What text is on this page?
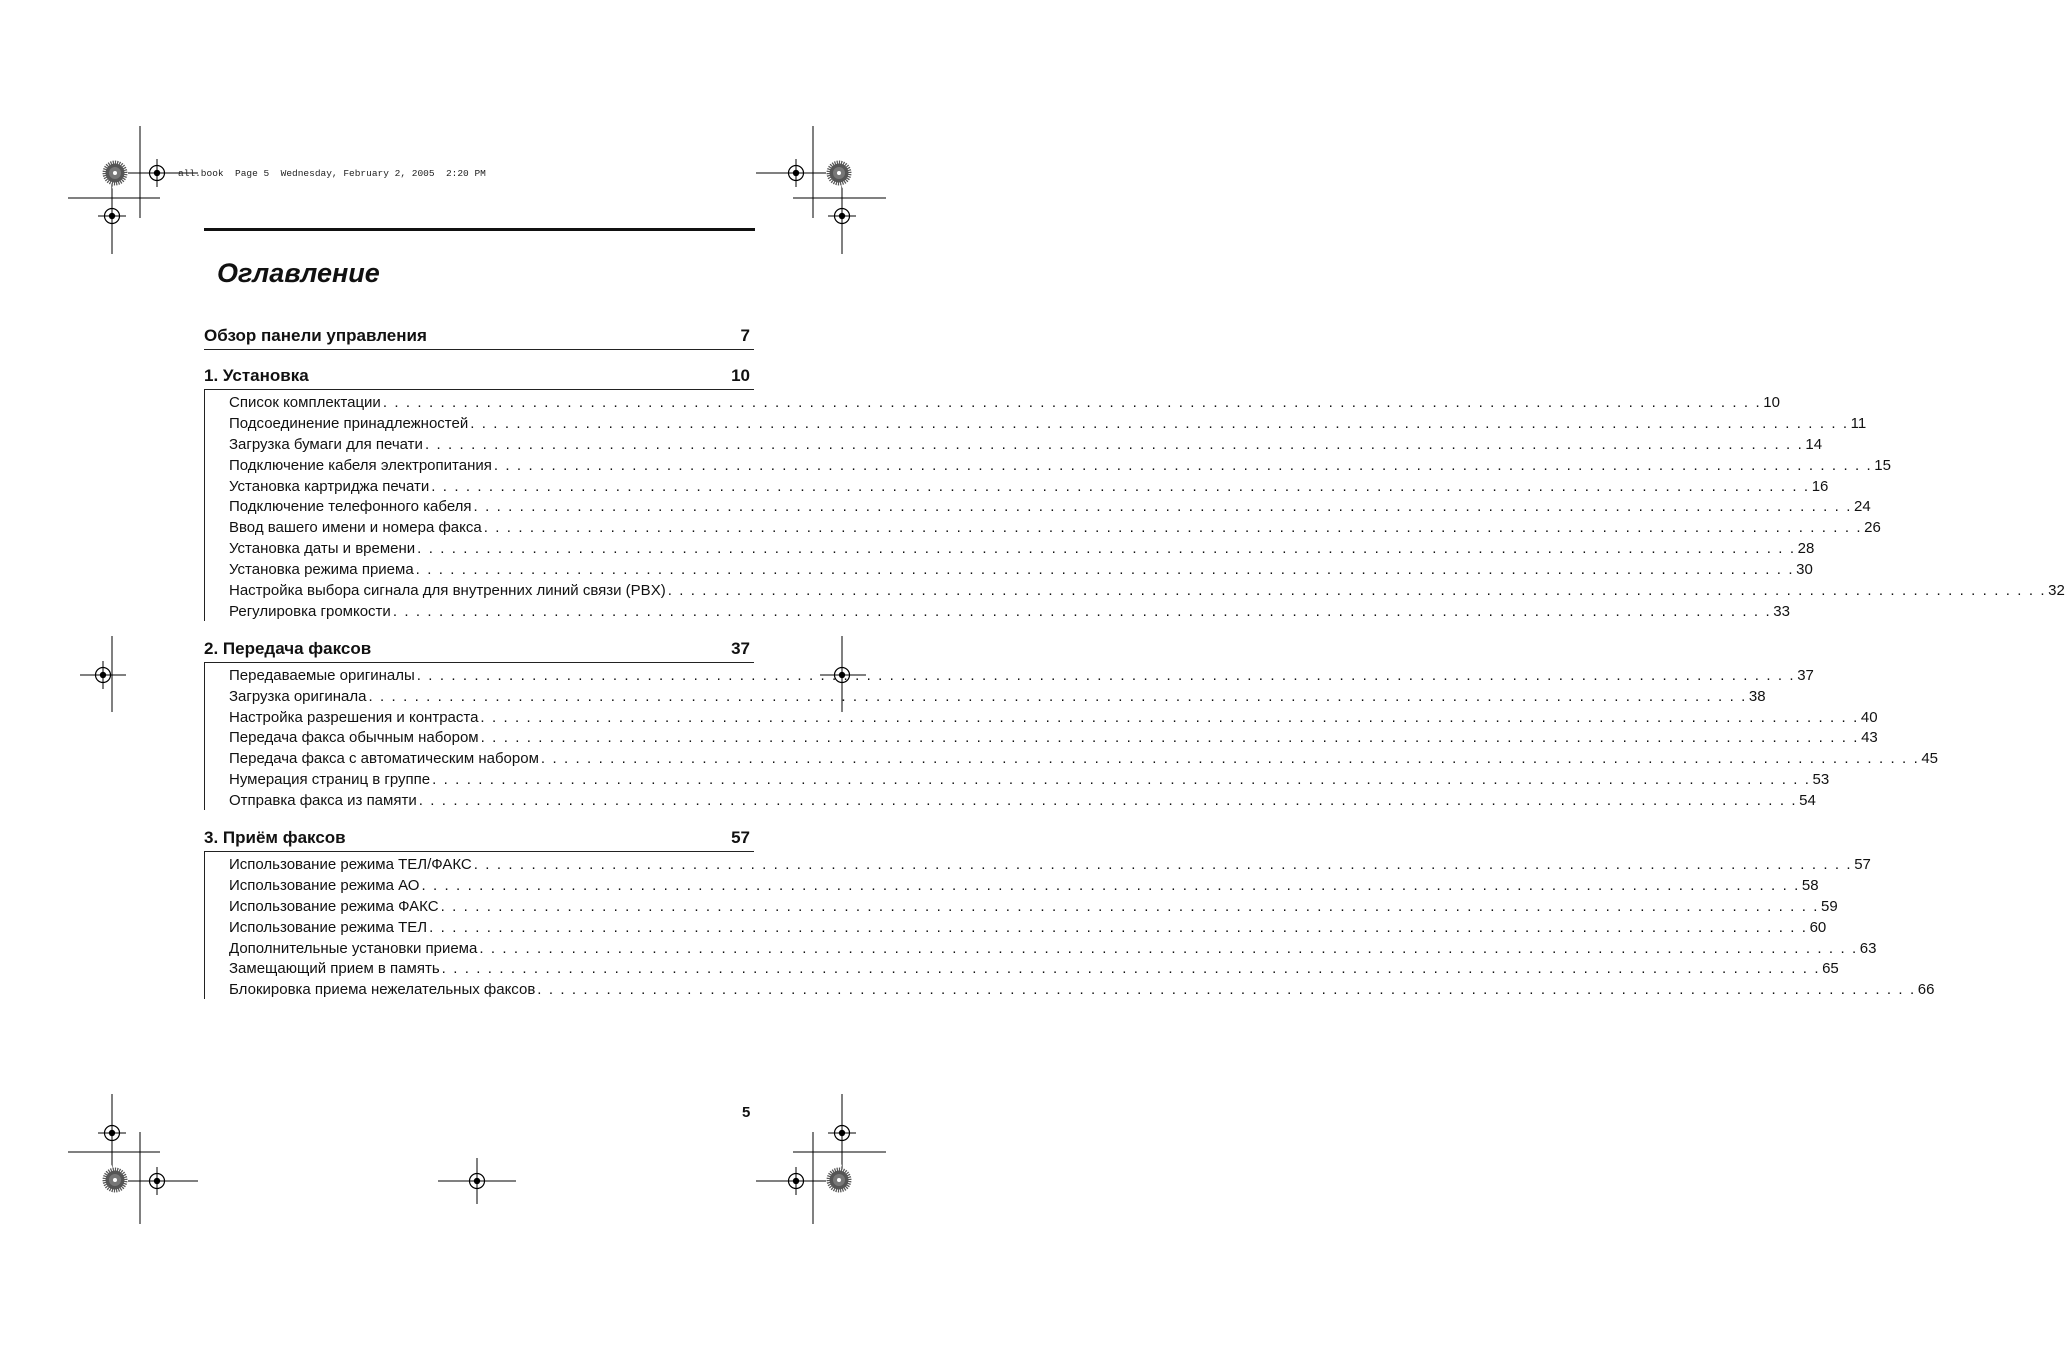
all.book  Page 5  Wednesday, February 2, 2005  2:20 PM
Оглавление
Обзор панели управления	7
1. Установка	10
Список комплектации . . . . . . . . . . . . . . . . . . . . . . . . . . . . . . . . . . . . . . . . . . . . . . . . . . . . . . . . . . . . . . . . . . . . . . . . . . . . . . . . . . . . . . . . . . . . . . . . . . . . . . . . . . . . . . . . . . . . . . . . 10
Подсоединение принадлежностей . . . . . . . . . . . . . . . . . . . . . . . . . . . . . . . . . . . . . . . . . . . . . . . . . . . . . . . . . . . . . . . . . . . . . . . . . . . . . . . . . . . . . . . . . . . . . . . . . . . . . . . . . . . . . . . . . . . . . . . . 11
Загрузка бумаги для печати . . . . . . . . . . . . . . . . . . . . . . . . . . . . . . . . . . . . . . . . . . . . . . . . . . . . . . . . . . . . . . . . . . . . . . . . . . . . . . . . . . . . . . . . . . . . . . . . . . . . . . . . . . . . . . . . . . . . . . . . 14
Подключение кабеля электропитания . . . . . . . . . . . . . . . . . . . . . . . . . . . . . . . . . . . . . . . . . . . . . . . . . . . . . . . . . . . . . . . . . . . . . . . . . . . . . . . . . . . . . . . . . . . . . . . . . . . . . . . . . . . . . . . . . . . . . . . . 15
Установка картриджа печати . . . . . . . . . . . . . . . . . . . . . . . . . . . . . . . . . . . . . . . . . . . . . . . . . . . . . . . . . . . . . . . . . . . . . . . . . . . . . . . . . . . . . . . . . . . . . . . . . . . . . . . . . . . . . . . . . . . . . . . . 16
Подключение телефонного кабеля . . . . . . . . . . . . . . . . . . . . . . . . . . . . . . . . . . . . . . . . . . . . . . . . . . . . . . . . . . . . . . . . . . . . . . . . . . . . . . . . . . . . . . . . . . . . . . . . . . . . . . . . . . . . . . . . . . . . . . . . 24
Ввод вашего имени и номера факса . . . . . . . . . . . . . . . . . . . . . . . . . . . . . . . . . . . . . . . . . . . . . . . . . . . . . . . . . . . . . . . . . . . . . . . . . . . . . . . . . . . . . . . . . . . . . . . . . . . . . . . . . . . . . . . . . . . . . . . . 26
Установка даты и времени . . . . . . . . . . . . . . . . . . . . . . . . . . . . . . . . . . . . . . . . . . . . . . . . . . . . . . . . . . . . . . . . . . . . . . . . . . . . . . . . . . . . . . . . . . . . . . . . . . . . . . . . . . . . . . . . . . . . . . . . 28
Установка режима приема . . . . . . . . . . . . . . . . . . . . . . . . . . . . . . . . . . . . . . . . . . . . . . . . . . . . . . . . . . . . . . . . . . . . . . . . . . . . . . . . . . . . . . . . . . . . . . . . . . . . . . . . . . . . . . . . . . . . . . . . 30
Настройка выбора сигнала для внутренних линий связи (PBX) . . . . . . . . . . . . . . . . . . . . . . . . . . . . . . . . . . . . . . . . . . . . . . . . . . . . . . . . . . . . . . . . . . . . . . . . . . . . . . . . . . . . . . . . . . . . . . . . . . . . . . . . . . . . . . . . . . . . . . . . 32
Регулировка громкости . . . . . . . . . . . . . . . . . . . . . . . . . . . . . . . . . . . . . . . . . . . . . . . . . . . . . . . . . . . . . . . . . . . . . . . . . . . . . . . . . . . . . . . . . . . . . . . . . . . . . . . . . . . . . . . . . . . . . . . . 33
2. Передача факсов	37
Передаваемые оригиналы . . . . . . . . . . . . . . . . . . . . . . . . . . . . . . . . . . . . . . . . . . . . . . . . . . . . . . . . . . . . . . . . . . . . . . . . . . . . . . . . . . . . . . . . . . . . . . . . . . . . . . . . . . . . . . . . . . . . . . . . 37
Загрузка оригинала . . . . . . . . . . . . . . . . . . . . . . . . . . . . . . . . . . . . . . . . . . . . . . . . . . . . . . . . . . . . . . . . . . . . . . . . . . . . . . . . . . . . . . . . . . . . . . . . . . . . . . . . . . . . . . . . . . . . . . . . 38
Настройка разрешения и контраста . . . . . . . . . . . . . . . . . . . . . . . . . . . . . . . . . . . . . . . . . . . . . . . . . . . . . . . . . . . . . . . . . . . . . . . . . . . . . . . . . . . . . . . . . . . . . . . . . . . . . . . . . . . . . . . . . . . . . . . . 40
Передача факса обычным набором . . . . . . . . . . . . . . . . . . . . . . . . . . . . . . . . . . . . . . . . . . . . . . . . . . . . . . . . . . . . . . . . . . . . . . . . . . . . . . . . . . . . . . . . . . . . . . . . . . . . . . . . . . . . . . . . . . . . . . . . 43
Передача факса с автоматическим набором . . . . . . . . . . . . . . . . . . . . . . . . . . . . . . . . . . . . . . . . . . . . . . . . . . . . . . . . . . . . . . . . . . . . . . . . . . . . . . . . . . . . . . . . . . . . . . . . . . . . . . . . . . . . . . . . . . . . . . . . 45
Нумерация страниц в группе . . . . . . . . . . . . . . . . . . . . . . . . . . . . . . . . . . . . . . . . . . . . . . . . . . . . . . . . . . . . . . . . . . . . . . . . . . . . . . . . . . . . . . . . . . . . . . . . . . . . . . . . . . . . . . . . . . . . . . . . 53
Отправка факса из памяти . . . . . . . . . . . . . . . . . . . . . . . . . . . . . . . . . . . . . . . . . . . . . . . . . . . . . . . . . . . . . . . . . . . . . . . . . . . . . . . . . . . . . . . . . . . . . . . . . . . . . . . . . . . . . . . . . . . . . . . . 54
3. Приём факсов	57
Использование режима ТЕЛ/ФАКС . . . . . . . . . . . . . . . . . . . . . . . . . . . . . . . . . . . . . . . . . . . . . . . . . . . . . . . . . . . . . . . . . . . . . . . . . . . . . . . . . . . . . . . . . . . . . . . . . . . . . . . . . . . . . . . . . . . . . . . . 57
Использование режима АО . . . . . . . . . . . . . . . . . . . . . . . . . . . . . . . . . . . . . . . . . . . . . . . . . . . . . . . . . . . . . . . . . . . . . . . . . . . . . . . . . . . . . . . . . . . . . . . . . . . . . . . . . . . . . . . . . . . . . . . . 58
Использование режима ФАКС . . . . . . . . . . . . . . . . . . . . . . . . . . . . . . . . . . . . . . . . . . . . . . . . . . . . . . . . . . . . . . . . . . . . . . . . . . . . . . . . . . . . . . . . . . . . . . . . . . . . . . . . . . . . . . . . . . . . . . . . 59
Использование режима ТЕЛ . . . . . . . . . . . . . . . . . . . . . . . . . . . . . . . . . . . . . . . . . . . . . . . . . . . . . . . . . . . . . . . . . . . . . . . . . . . . . . . . . . . . . . . . . . . . . . . . . . . . . . . . . . . . . . . . . . . . . . . . 60
Дополнительные установки приема . . . . . . . . . . . . . . . . . . . . . . . . . . . . . . . . . . . . . . . . . . . . . . . . . . . . . . . . . . . . . . . . . . . . . . . . . . . . . . . . . . . . . . . . . . . . . . . . . . . . . . . . . . . . . . . . . . . . . . . . 63
Замещающий прием в память . . . . . . . . . . . . . . . . . . . . . . . . . . . . . . . . . . . . . . . . . . . . . . . . . . . . . . . . . . . . . . . . . . . . . . . . . . . . . . . . . . . . . . . . . . . . . . . . . . . . . . . . . . . . . . . . . . . . . . . . 65
Блокировка приема нежелательных факсов . . . . . . . . . . . . . . . . . . . . . . . . . . . . . . . . . . . . . . . . . . . . . . . . . . . . . . . . . . . . . . . . . . . . . . . . . . . . . . . . . . . . . . . . . . . . . . . . . . . . . . . . . . . . . . . . . . . . . . . . 66
5
